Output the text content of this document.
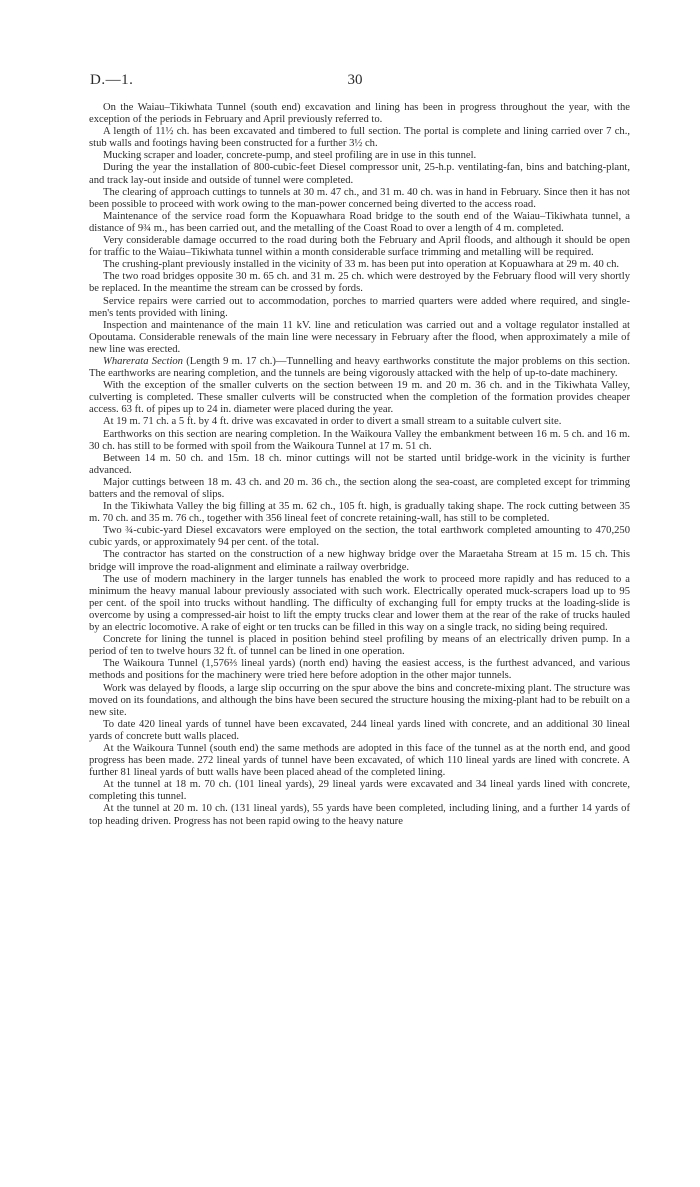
D.—1.	30

On the Waiau–Tikiwhata Tunnel (south end) excavation and lining has been in progress throughout the year, with the exception of the periods in February and April previously referred to.

A length of 11½ ch. has been excavated and timbered to full section. The portal is complete and lining carried over 7 ch., stub walls and footings having been constructed for a further 3½ ch.

Mucking scraper and loader, concrete-pump, and steel profiling are in use in this tunnel.

During the year the installation of 800-cubic-feet Diesel compressor unit, 25-h.p. ventilating-fan, bins and batching-plant, and track lay-out inside and outside of tunnel were completed.

The clearing of approach cuttings to tunnels at 30 m. 47 ch., and 31 m. 40 ch. was in hand in February. Since then it has not been possible to proceed with work owing to the man-power concerned being diverted to the access road.

Maintenance of the service road form the Kopuawhara Road bridge to the south end of the Waiau–Tikiwhata tunnel, a distance of 9¾ m., has been carried out, and the metalling of the Coast Road to over a length of 4 m. completed.

Very considerable damage occurred to the road during both the February and April floods, and although it should be open for traffic to the Waiau–Tikiwhata tunnel within a month considerable surface trimming and metalling will be required.

The crushing-plant previously installed in the vicinity of 33 m. has been put into operation at Kopuawhara at 29 m. 40 ch.

The two road bridges opposite 30 m. 65 ch. and 31 m. 25 ch. which were destroyed by the February flood will very shortly be replaced. In the meantime the stream can be crossed by fords.

Service repairs were carried out to accommodation, porches to married quarters were added where required, and single-men's tents provided with lining.

Inspection and maintenance of the main 11 kV. line and reticulation was carried out and a voltage regulator installed at Opoutama. Considerable renewals of the main line were necessary in February after the flood, when approximately a mile of new line was erected.

Wharerata Section (Length 9 m. 17 ch.)—Tunnelling and heavy earthworks constitute the major problems on this section. The earthworks are nearing completion, and the tunnels are being vigorously attacked with the help of up-to-date machinery.

With the exception of the smaller culverts on the section between 19 m. and 20 m. 36 ch. and in the Tikiwhata Valley, culverting is completed. These smaller culverts will be constructed when the completion of the formation provides cheaper access. 63 ft. of pipes up to 24 in. diameter were placed during the year.

At 19 m. 71 ch. a 5 ft. by 4 ft. drive was excavated in order to divert a small stream to a suitable culvert site.

Earthworks on this section are nearing completion. In the Waikoura Valley the embankment between 16 m. 5 ch. and 16 m. 30 ch. has still to be formed with spoil from the Waikoura Tunnel at 17 m. 51 ch.

Between 14 m. 50 ch. and 15m. 18 ch. minor cuttings will not be started until bridge-work in the vicinity is further advanced.

Major cuttings between 18 m. 43 ch. and 20 m. 36 ch., the section along the sea-coast, are completed except for trimming batters and the removal of slips.

In the Tikiwhata Valley the big filling at 35 m. 62 ch., 105 ft. high, is gradually taking shape. The rock cutting between 35 m. 70 ch. and 35 m. 76 ch., together with 356 lineal feet of concrete retaining-wall, has still to be completed.

Two ¾-cubic-yard Diesel excavators were employed on the section, the total earthwork completed amounting to 470,250 cubic yards, or approximately 94 per cent. of the total.

The contractor has started on the construction of a new highway bridge over the Maraetaha Stream at 15 m. 15 ch. This bridge will improve the road-alignment and eliminate a railway overbridge.

The use of modern machinery in the larger tunnels has enabled the work to proceed more rapidly and has reduced to a minimum the heavy manual labour previously associated with such work. Electrically operated muck-scrapers load up to 95 per cent. of the spoil into trucks without handling. The difficulty of exchanging full for empty trucks at the loading-slide is overcome by using a compressed-air hoist to lift the empty trucks clear and lower them at the rear of the rake of trucks hauled by an electric locomotive. A rake of eight or ten trucks can be filled in this way on a single track, no siding being required.

Concrete for lining the tunnel is placed in position behind steel profiling by means of an electrically driven pump. In a period of ten to twelve hours 32 ft. of tunnel can be lined in one operation.

The Waikoura Tunnel (1,576⅔ lineal yards) (north end) having the easiest access, is the furthest advanced, and various methods and positions for the machinery were tried here before adoption in the other major tunnels.

Work was delayed by floods, a large slip occurring on the spur above the bins and concrete-mixing plant. The structure was moved on its foundations, and although the bins have been secured the structure housing the mixing-plant had to be rebuilt on a new site.

To date 420 lineal yards of tunnel have been excavated, 244 lineal yards lined with concrete, and an additional 30 lineal yards of concrete butt walls placed.

At the Waikoura Tunnel (south end) the same methods are adopted in this face of the tunnel as at the north end, and good progress has been made. 272 lineal yards of tunnel have been excavated, of which 110 lineal yards are lined with concrete. A further 81 lineal yards of butt walls have been placed ahead of the completed lining.

At the tunnel at 18 m. 70 ch. (101 lineal yards), 29 lineal yards were excavated and 34 lineal yards lined with concrete, completing this tunnel.

At the tunnel at 20 m. 10 ch. (131 lineal yards), 55 yards have been completed, including lining, and a further 14 yards of top heading driven. Progress has not been rapid owing to the heavy nature
